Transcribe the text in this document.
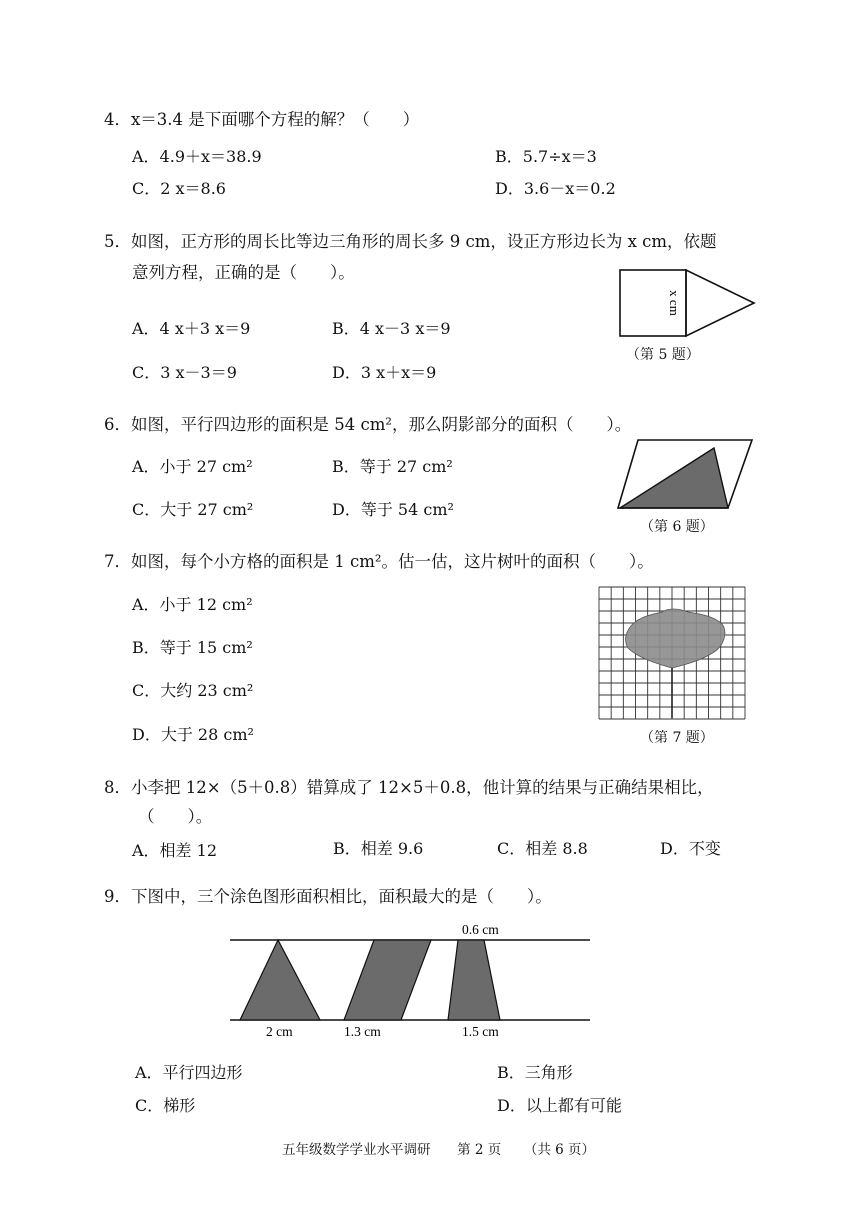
4．x＝3.4 是下面哪个方程的解？（　　）
A．4.9＋x＝38.9	B．5.7÷x＝3
C．2 x＝8.6	D．3.6－x＝0.2
5．如图，正方形的周长比等边三角形的周长多 9 cm，设正方形边长为 x cm，依题
意列方程，正确的是（　　）。
A．4 x＋3 x＝9	B．4 x－3 x＝9
C．3 x－3＝9	D．3 x＋x＝9
x cm
（第 5 题）
6．如图，平行四边形的面积是 54 cm²，那么阴影部分的面积（　　）。
A．小于 27 cm²	B．等于 27 cm²
C．大于 27 cm²	D．等于 54 cm²
（第 6 题）
7．如图，每个小方格的面积是 1 cm²。估一估，这片树叶的面积（　　）。
A．小于 12 cm²
B．等于 15 cm²
C．大约 23 cm²
D．大于 28 cm²	（第 7 题）
8．小李把 12×（5＋0.8）错算成了 12×5＋0.8，他计算的结果与正确结果相比，
（　　）。
A．相差 12	B．相差 9.6	C．相差 8.8	D．不变
9．下图中，三个涂色图形面积相比，面积最大的是（　　）。
0.6 cm
2 cm	1.3 cm	1.5 cm
A．平行四边形	B．三角形
C．梯形	D．以上都有可能
五年级数学学业水平调研 第 2 页 （共 6 页）
